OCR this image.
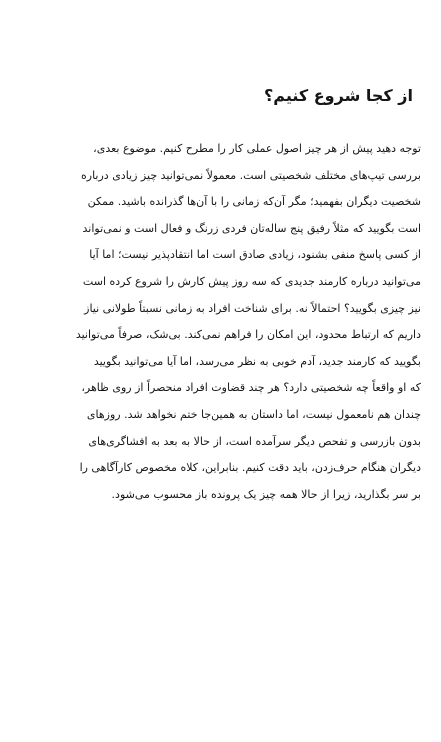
از کجا شروع کنیم؟
توجه دهید پیش از هر چیز اصول عملی کار را مطرح کنیم. موضوع بعدی،
بررسی تیپ‌های مختلف شخصیتی است. معمولاً نمی‌توانید چیز زیادی درباره
شخصیت دیگران بفهمید؛ مگر آن‌که زمانی را با آن‌ها گذرانده باشید. ممکن
است بگویید که مثلاً رفیق پنج ساله‌تان فردی زرنگ و فعال است و نمی‌تواند
از کسی پاسخ منفی بشنود، زیادی صادق است اما انتقادپذیر نیست؛ اما آیا
می‌توانید درباره کارمند جدیدی که سه روز پیش کارش را شروع کرده است
نیز چیزی بگویید؟ احتمالاً نه. برای شناخت افراد به زمانی نسبتاً طولانی نیاز
داریم که ارتباط محدود، این امکان را فراهم نمی‌کند. بی‌شک، صرفاً می‌توانید
بگویید که کارمند جدید، آدم خوبی به نظر می‌رسد، اما آیا می‌توانید بگویید
که او واقعاً چه شخصیتی دارد؟ هر چند قضاوت افراد منحصراً از روی ظاهر،
چندان هم نامعمول نیست، اما داستان به همین‌جا ختم نخواهد شد. روزهای
بدون بازرسی و تفحص دیگر سرآمده است، از حالا به بعد به افشاگری‌های
دیگران هنگام حرف‌زدن، باید دقت کنیم. بنابراین، کلاه مخصوص کارآگاهی را
بر سر بگذارید، زیرا از حالا همه چیز یک پرونده باز محسوب می‌شود.
